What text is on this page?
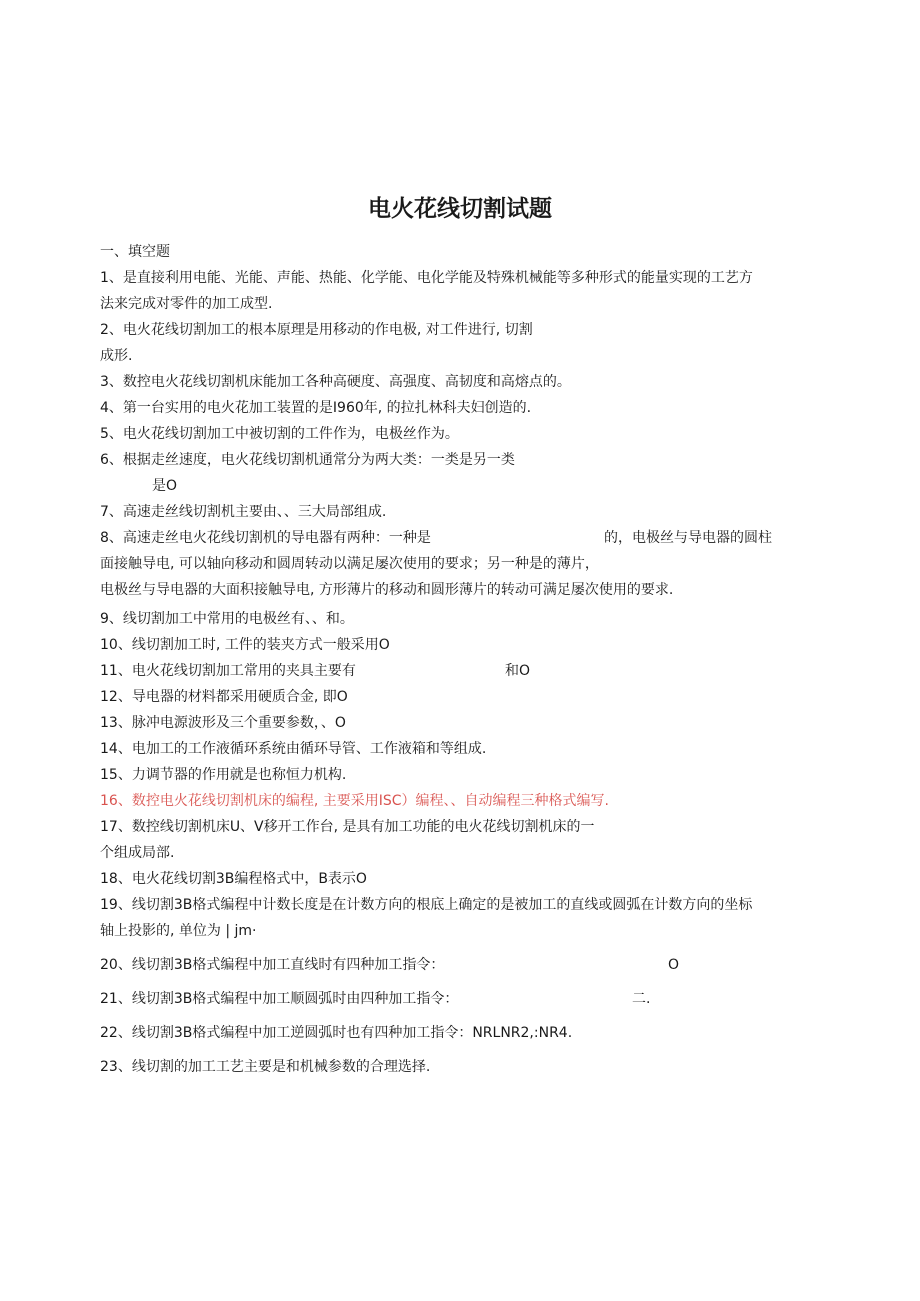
电火花线切割试题
一、填空题
1、是直接利用电能、光能、声能、热能、化学能、电化学能及特殊机械能等多种形式的能量实现的工艺方
法来完成对零件的加工成型.
2、电火花线切割加工的根本原理是用移动的作电极, 对工件进行, 切割
成形.
3、数控电火花线切割机床能加工各种高硬度、高强度、高韧度和高熔点的。
4、第一台实用的电火花加工装置的是I960年, 的拉扎林科夫妇创造的.
5、电火花线切割加工中被切割的工件作为，电极丝作为。
6、根据走丝速度，电火花线切割机通常分为两大类：一类是另一类
是O
7、高速走丝线切割机主要由、、三大局部组成.
8、高速走丝电火花线切割机的导电器有两种：一种是	的，电极丝与导电器的圆柱
面接触导电, 可以轴向移动和圆周转动以满足屡次使用的要求；另一种是的薄片，
电极丝与导电器的大面积接触导电, 方形薄片的移动和圆形薄片的转动可满足屡次使用的要求.
9、线切割加工中常用的电极丝有、、和。
10、线切割加工时, 工件的装夹方式一般采用O
11、电火花线切割加工常用的夹具主要有	和O
12、导电器的材料都采用硬质合金, 即O
13、脉冲电源波形及三个重要参数，、O
14、电加工的工作液循环系统由循环导管、工作液箱和等组成.
15、力调节器的作用就是也称恒力机构.
16、数控电火花线切割机床的编程, 主要采用ISC）编程、、自动编程三种格式编写.
17、数控线切割机床U、V移开工作台, 是具有加工功能的电火花线切割机床的一
个组成局部.
18、电火花线切割3B编程格式中，B表示O
19、线切割3B格式编程中计数长度是在计数方向的根底上确定的是被加工的直线或圆弧在计数方向的坐标
轴上投影的, 单位为 | jm·
20、线切割3B格式编程中加工直线时有四种加工指令：	O
21、线切割3B格式编程中加工顺圆弧时由四种加工指令：	二.
22、线切割3B格式编程中加工逆圆弧时也有四种加工指令：NRLNR2,:NR4.
23、线切割的加工工艺主要是和机械参数的合理选择.
